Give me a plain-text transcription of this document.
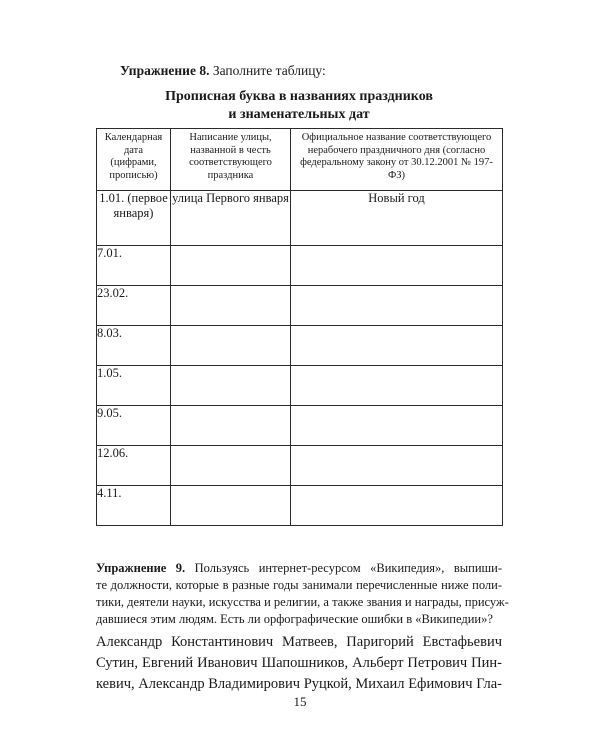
Упражнение 8. Заполните таблицу:
Прописная буква в названиях праздников
и знаменательных дат
Календарная дата (цифрами, прописью)	Написание улицы, названной в честь соответствующего праздника	Официальное название соответствующего нерабочего праздничного дня (согласно федеральному закону от 30.12.2001 № 197-ФЗ)
1.01. (первое января)	улица Первого января	Новый год
7.01.		
23.02.		
8.03.		
1.05.		
9.05.		
12.06.		
4.11.		
Упражнение 9. Пользуясь интернет-ресурсом «Википедия», выпиши-
те должности, которые в разные годы занимали перечисленные ниже поли-
тики, деятели науки, искусства и религии, а также звания и награды, присуж-
давшиеся этим людям. Есть ли орфографические ошибки в «Википедии»?
Александр Константинович Матвеев, Паригорий Евстафьевич
Сутин, Евгений Иванович Шапошников, Альберт Петрович Пин-
кевич, Александр Владимирович Руцкой, Михаил Ефимович Гла-
15
